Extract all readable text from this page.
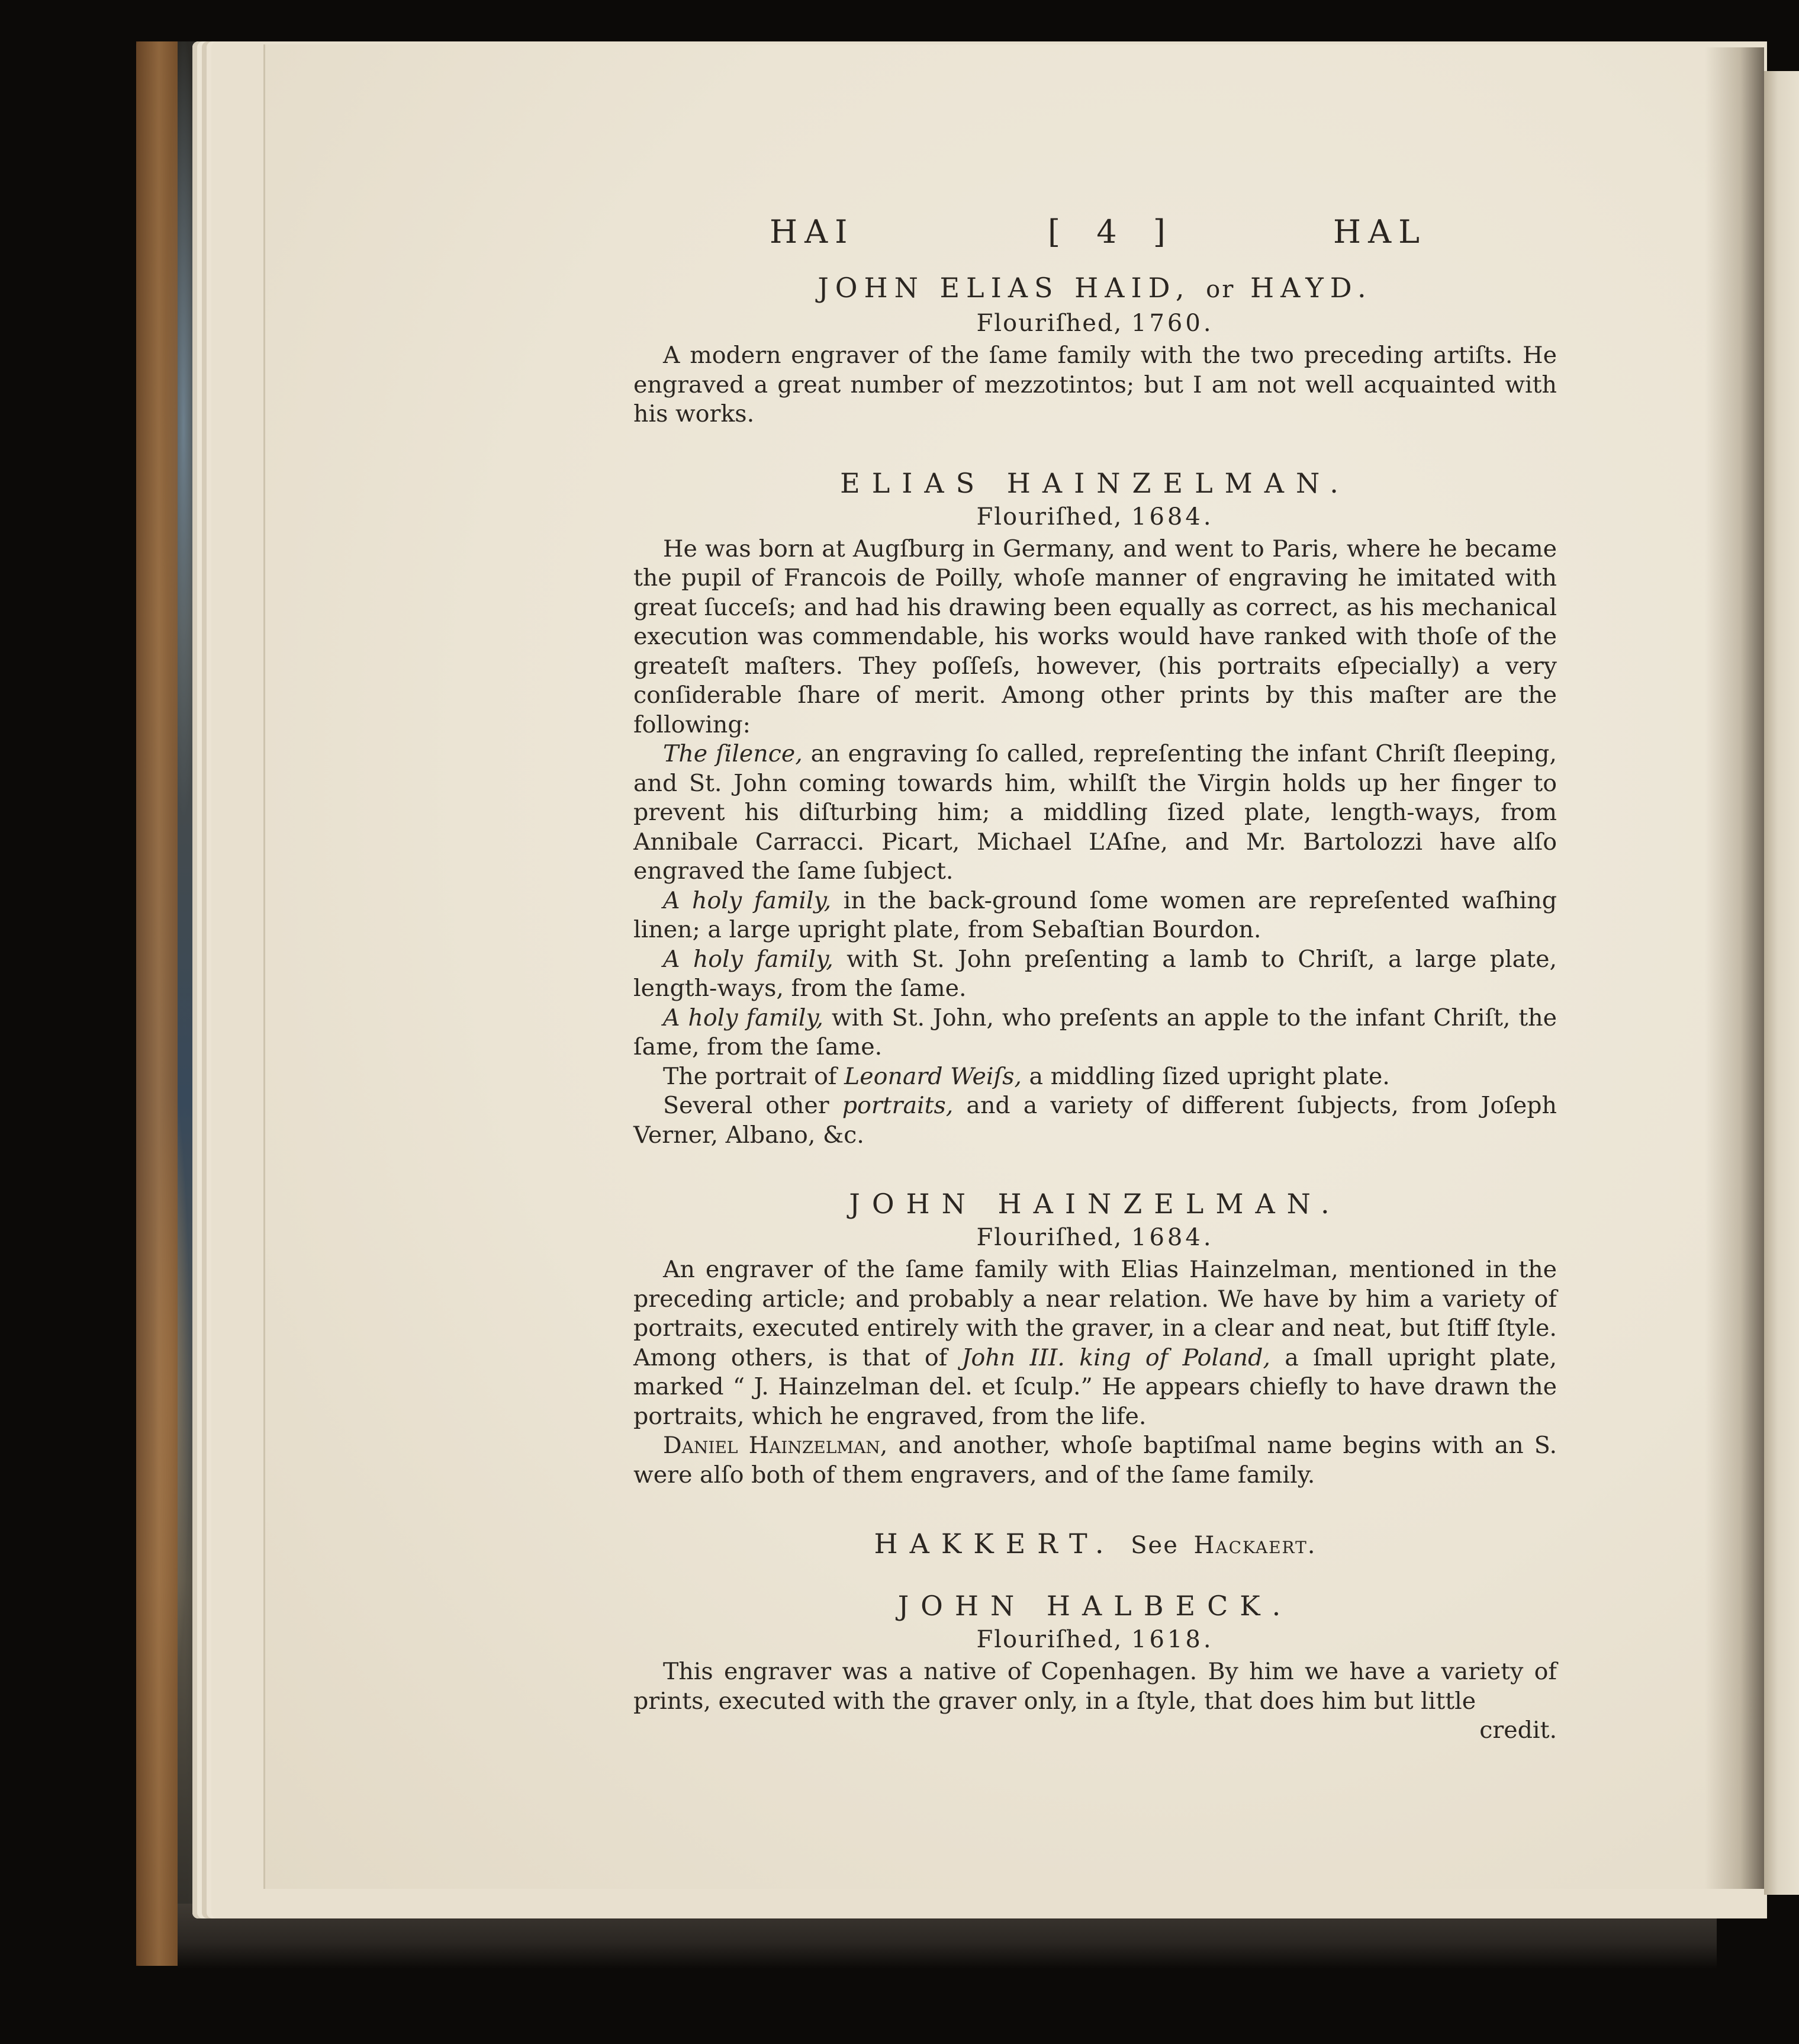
HAI	[ 4 ]	HAL
JOHN ELIAS HAID, or HAYD.
Flouriſhed, 1760.

A modern engraver of the ſame family with the two preceding artiſts. He engraved a great number of mezzotintos; but I am not well acquainted with his works.

ELIAS HAINZELMAN.
Flouriſhed, 1684.

He was born at Augſburg in Germany, and went to Paris, where he became the pupil of Francois de Poilly, whoſe manner of engraving he imitated with great ſucceſs; and had his drawing been equally as correct, as his mechanical execution was commendable, his works would have ranked with thoſe of the greateſt maſters. They poſſeſs, however, (his portraits eſpecially) a very conſiderable ſhare of merit. Among other prints by this maſter are the following:

The ſilence, an engraving ſo called, repreſenting the infant Chriſt ſleeping, and St. John coming towards him, whilſt the Virgin holds up her finger to prevent his diſturbing him; a middling ſized plate, length-ways, from Annibale Carracci. Picart, Michael L’Aſne, and Mr. Bartolozzi have alſo engraved the ſame ſubject.

A holy family, in the back-ground ſome women are repreſented waſhing linen; a large upright plate, from Sebaſtian Bourdon.

A holy family, with St. John preſenting a lamb to Chriſt, a large plate, length-ways, from the ſame.

A holy family, with St. John, who preſents an apple to the infant Chriſt, the ſame, from the ſame.

The portrait of Leonard Weiſs, a middling ſized upright plate.

Several other portraits, and a variety of different ſubjects, from Joſeph Verner, Albano, &c.

JOHN HAINZELMAN.
Flouriſhed, 1684.

An engraver of the ſame family with Elias Hainzelman, mentioned in the preceding article; and probably a near relation. We have by him a variety of portraits, executed entirely with the graver, in a clear and neat, but ſtiff ſtyle. Among others, is that of John III. king of Poland, a ſmall upright plate, marked “ J. Hainzelman del. et ſculp.” He appears chiefly to have drawn the portraits, which he engraved, from the life.

Daniel Hainzelman, and another, whoſe baptiſmal name begins with an S. were alſo both of them engravers, and of the ſame family.

HAKKERT. See Hackaert.
JOHN HALBECK.
Flouriſhed, 1618.

This engraver was a native of Copenhagen. By him we have a variety of prints, executed with the graver only, in a ſtyle, that does him but little

credit.
